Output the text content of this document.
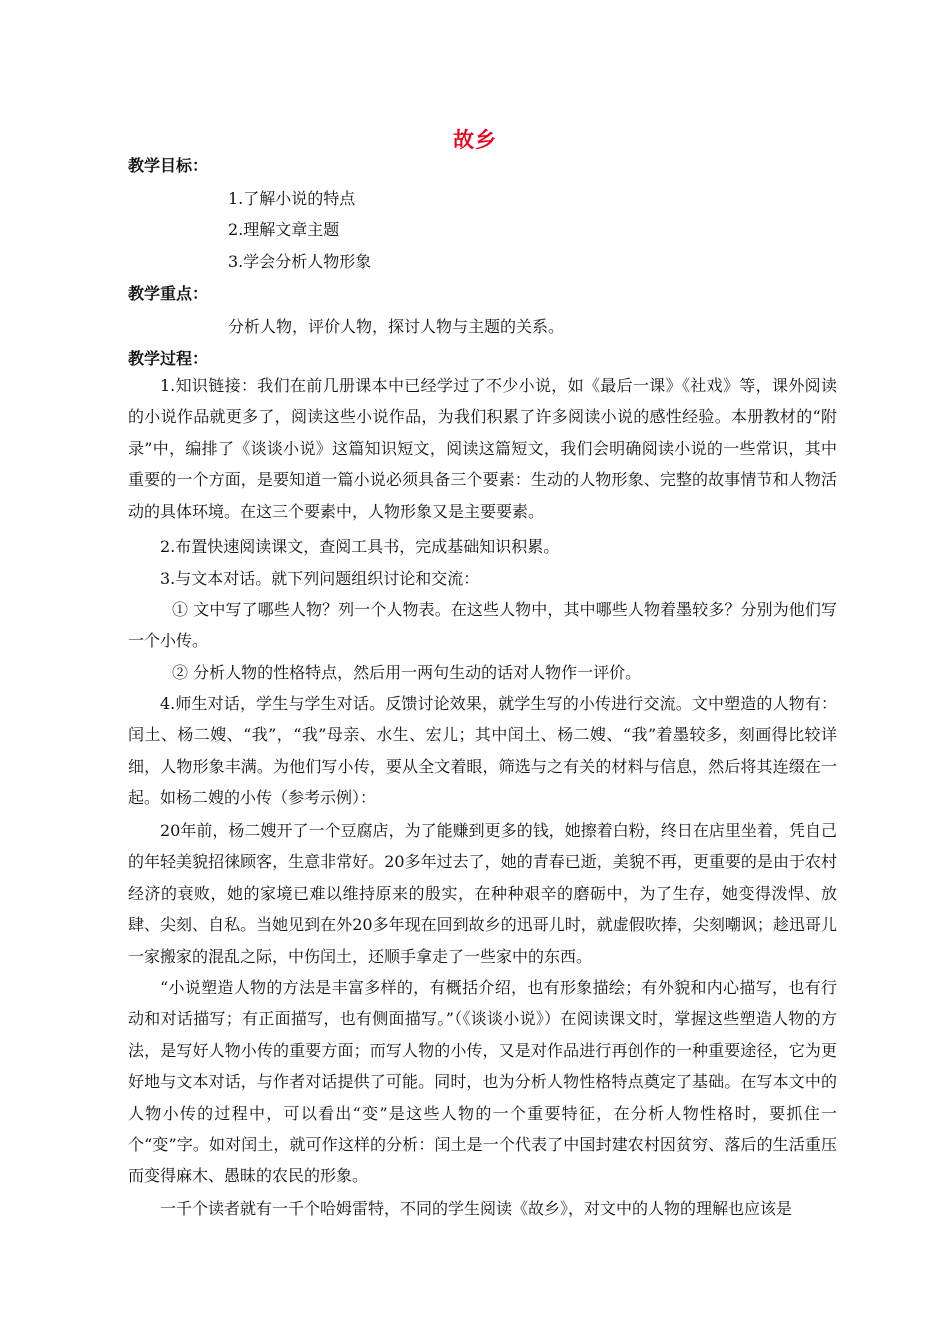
故乡
教学目标：
1.了解小说的特点
2.理解文章主题
3.学会分析人物形象
教学重点：
分析人物，评价人物，探讨人物与主题的关系。
教学过程：

1.知识链接：我们在前几册课本中已经学过了不少小说，如《最后一课》《社戏》等，课外阅读的小说作品就更多了，阅读这些小说作品，为我们积累了许多阅读小说的感性经验。本册教材的“附录”中，编排了《谈谈小说》这篇知识短文，阅读这篇短文，我们会明确阅读小说的一些常识，其中重要的一个方面，是要知道一篇小说必须具备三个要素：生动的人物形象、完整的故事情节和人物活动的具体环境。在这三个要素中，人物形象又是主要要素。

2.布置快速阅读课文，查阅工具书，完成基础知识积累。

3.与文本对话。就下列问题组织讨论和交流：

① 文中写了哪些人物？列一个人物表。在这些人物中，其中哪些人物着墨较多？分别为他们写一个小传。

② 分析人物的性格特点，然后用一两句生动的话对人物作一评价。

4.师生对话，学生与学生对话。反馈讨论效果，就学生写的小传进行交流。文中塑造的人物有：闰土、杨二嫂、“我”，“我”母亲、水生、宏儿；其中闰土、杨二嫂、“我”着墨较多，刻画得比较详细，人物形象丰满。为他们写小传，要从全文着眼，筛选与之有关的材料与信息，然后将其连缀在一起。如杨二嫂的小传（参考示例）：

20年前，杨二嫂开了一个豆腐店，为了能赚到更多的钱，她擦着白粉，终日在店里坐着，凭自己的年轻美貌招徕顾客，生意非常好。20多年过去了，她的青春已逝，美貌不再，更重要的是由于农村经济的衰败，她的家境已难以维持原来的殷实，在种种艰辛的磨砺中，为了生存，她变得泼悍、放肆、尖刻、自私。当她见到在外20多年现在回到故乡的迅哥儿时，就虚假吹捧，尖刻嘲讽；趁迅哥儿一家搬家的混乱之际，中伤闰土，还顺手拿走了一些家中的东西。

“小说塑造人物的方法是丰富多样的，有概括介绍，也有形象描绘；有外貌和内心描写，也有行动和对话描写；有正面描写，也有侧面描写。”（《谈谈小说》）在阅读课文时，掌握这些塑造人物的方法，是写好人物小传的重要方面；而写人物的小传，又是对作品进行再创作的一种重要途径，它为更好地与文本对话，与作者对话提供了可能。同时，也为分析人物性格特点奠定了基础。在写本文中的人物小传的过程中，可以看出“变”是这些人物的一个重要特征，在分析人物性格时，要抓住一个“变”字。如对闰土，就可作这样的分析：闰土是一个代表了中国封建农村因贫穷、落后的生活重压而变得麻木、愚昧的农民的形象。

一千个读者就有一千个哈姆雷特，不同的学生阅读《故乡》，对文中的人物的理解也应该是
